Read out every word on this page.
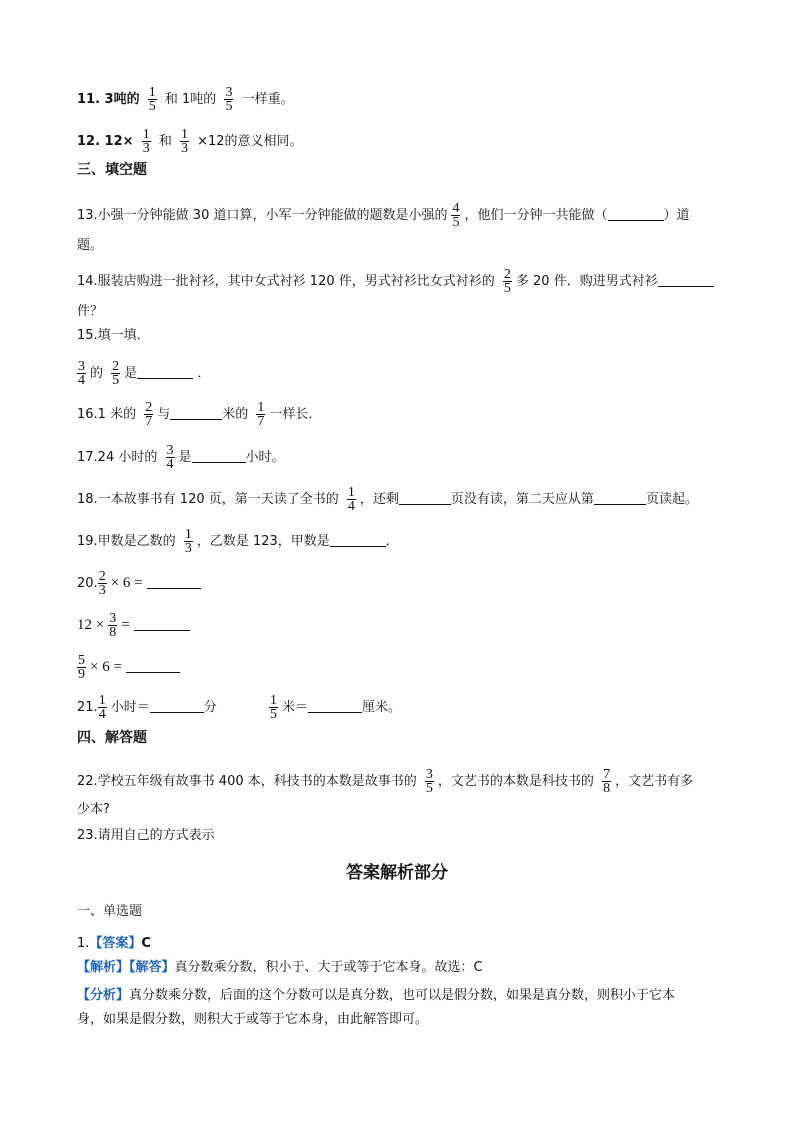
11. 3吨的 $\frac{1}{5}$ 和 1吨的 $\frac{3}{5}$ 一样重。
12. $12\times \frac{1}{3}$ 和 $\frac{1}{3} \times 12$的意义相同。
三、填空题
13.小强一分钟能做 30 道口算，小军一分钟能做的题数是小强的 $\frac{4}{5}$ ，他们一分钟一共能做（	）道
题。
14.服装店购进一批衬衫，其中女式衬衫 120 件，男式衬衫比女式衬衫的 $\frac{2}{5}$ 多 20 件．购进男式衬衫
件？
15.填一填．
$\frac{3}{4}$ 的 $\frac{2}{5}$ 是	．
16.1 米的 $\frac{2}{7}$ 与	米的 $\frac{1}{7}$ 一样长．
17.24 小时的 $\frac{3}{4}$ 是	小时。
18.一本故事书有 120 页，第一天读了全书的 $\frac{1}{4}$ ，还剩	页没有读，第二天应从第	页读起。
19.甲数是乙数的 $\frac{1}{3}$ ，乙数是 123，甲数是	．
20. $\frac{2}{3} \times 6$ =
$12 \times \frac{3}{8}$ =
$\frac{5}{9} \times 6$ =
21. $\frac{1}{4}$ 小时＝	分	$\frac{1}{5}$ 米＝	厘米。
四、解答题
22.学校五年级有故事书 400 本，科技书的本数是故事书的 $\frac{3}{5}$ ，文艺书的本数是科技书的 $\frac{7}{8}$ ，文艺书有多
少本?
23.请用自己的方式表示
答案解析部分
一、单选题
1.【答案】C
【解析】【解答】真分数乘分数，积小于、大于或等于它本身。故选：C
【分析】真分数乘分数，后面的这个分数可以是真分数，也可以是假分数，如果是真分数，则积小于它本
身，如果是假分数，则积大于或等于它本身，由此解答即可。
